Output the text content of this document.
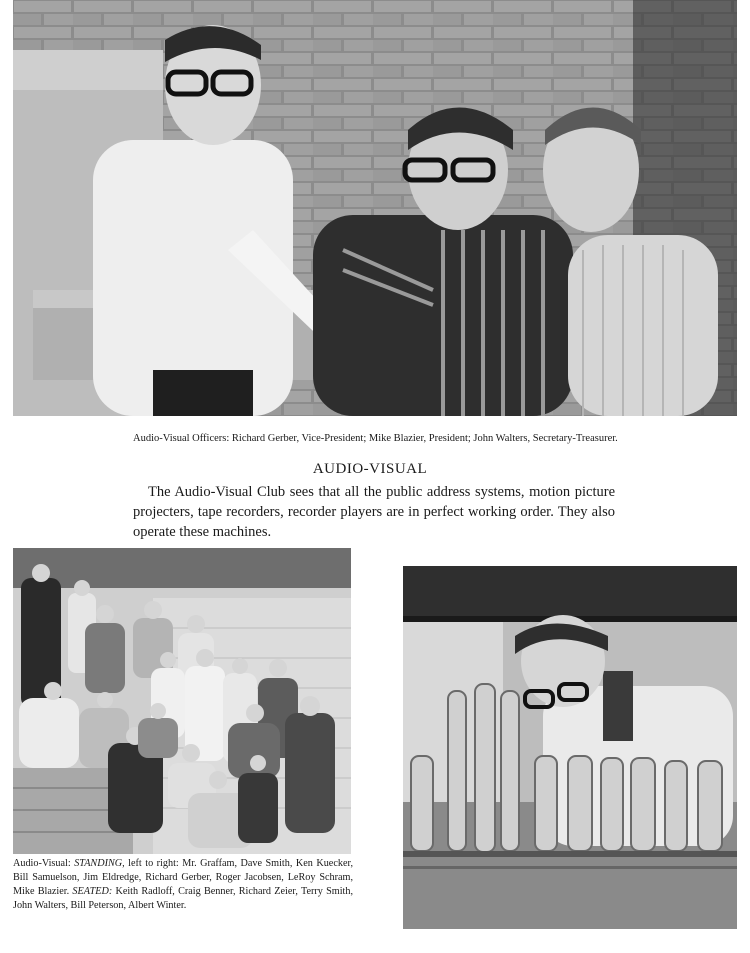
Audio-Visual Officers: Richard Gerber, Vice-President; Mike Blazier, President; John Walters, Secretary-Treasurer.
AUDIO-VISUAL
The Audio-Visual Club sees that all the public address systems, motion picture projecters, tape recorders, recorder players are in perfect working order. They also operate these machines.
Audio-Visual: STANDING, left to right: Mr. Graffam, Dave Smith, Ken Kuecker, Bill Samuelson, Jim Eldredge, Richard Gerber, Roger Jacobsen, LeRoy Schram, Mike Blazier. SEATED: Keith Radloff, Craig Benner, Richard Zeier, Terry Smith, John Walters, Bill Peterson, Albert Winter.
